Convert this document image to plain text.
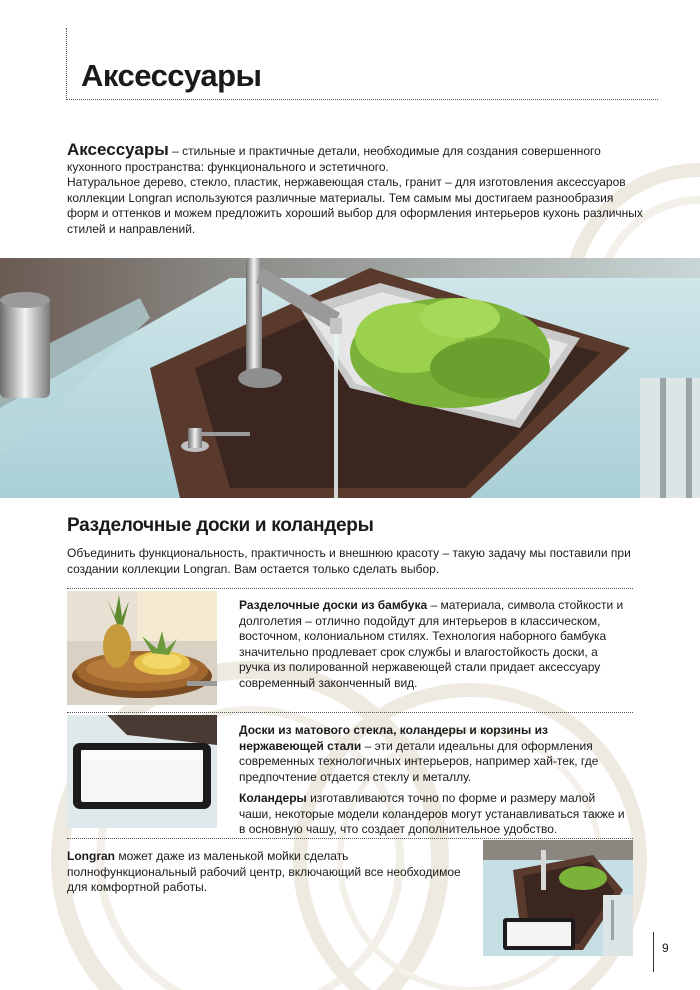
Аксессуары
Аксессуары – стильные и практичные детали, необходимые для создания совершенного кухонного пространства: функционального и эстетичного.
Натуральное дерево, стекло, пластик, нержавеющая сталь, гранит – для изготовления аксессуаров коллекции Longran используются различные материалы. Тем самым мы достигаем разнообразия форм и оттенков и можем предложить хороший выбор для оформления интерьеров кухонь различных стилей и направлений.
Разделочные доски и коландеры
Объединить функциональность, практичность и внешнюю красоту – такую задачу мы поставили при создании коллекции Longran. Вам остается только сделать выбор.
Разделочные доски из бамбука – материала, символа стойкости и долголетия – отлично подойдут для интерьеров в классическом, восточном, колониальном стилях. Технология наборного бамбука значительно продлевает срок службы и влагостойкость доски, а ручка из полированной нержавеющей стали придает аксессуару современный законченный вид.
Доски из матового стекла, коландеры и корзины из нержавеющей стали – эти детали идеальны для оформления современных технологичных интерьеров, например хай-тек, где предпочтение отдается стеклу и металлу.
Коландеры изготавливаются точно по форме и размеру малой чаши, некоторые модели коландеров могут устанавливаться также и в основную чашу, что создает дополнительное удобство.
Longran может даже из маленькой мойки сделать полнофункциональный рабочий центр, включающий все необходимое для комфортной работы.
9
